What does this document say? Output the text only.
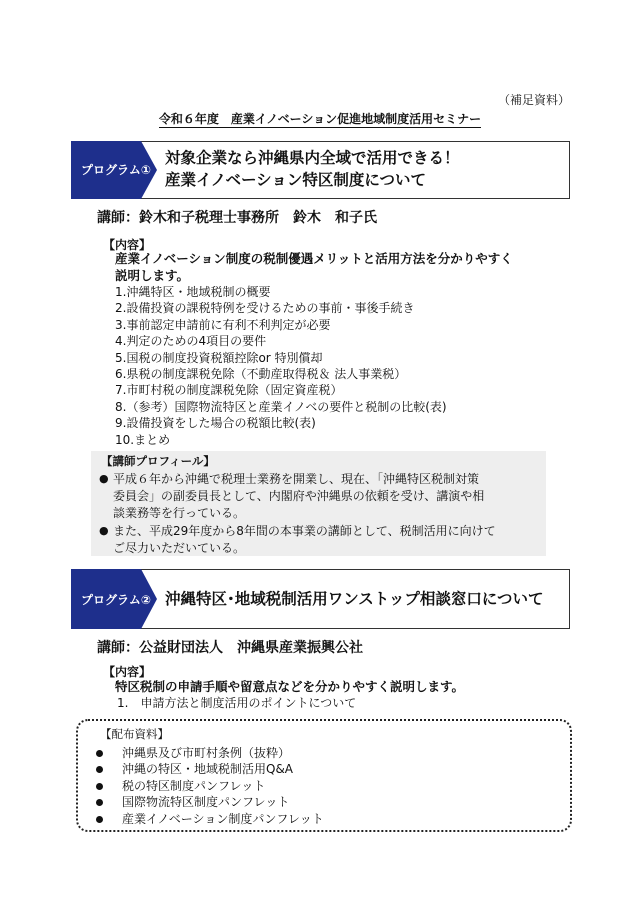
（補足資料）
令和６年度　産業イノベーション促進地域制度活用セミナー
プログラム①
対象企業なら沖縄県内全域で活用できる！
産業イノベーション特区制度について
講師：鈴木和子税理士事務所　鈴木　和子氏
【内容】
産業イノベーション制度の税制優遇メリットと活用方法を分かりやすく
説明します。
1.沖縄特区・地域税制の概要
2.設備投資の課税特例を受けるための事前・事後手続き
3.事前認定申請前に有利不利判定が必要
4.判定のための4項目の要件
5.国税の制度投資税額控除or 特別償却
6.県税の制度課税免除（不動産取得税＆ 法人事業税）
7.市町村税の制度課税免除（固定資産税）
8.（参考）国際物流特区と産業イノベの要件と税制の比較(表)
9.設備投資をした場合の税額比較(表)
10.まとめ
【講師プロフィール】
● 平成６年から沖縄で税理士業務を開業し、現在、「沖縄特区税制対策
委員会」の副委員長として、内閣府や沖縄県の依頼を受け、講演や相
談業務等を行っている。
● また、平成29年度から8年間の本事業の講師として、税制活用に向けて
ご尽力いただいている。
プログラム② 沖縄特区･地域税制活用ワンストップ相談窓口について
講師：公益財団法人　沖縄県産業振興公社
【内容】
特区税制の申請手順や留意点などを分かりやすく説明します。
1.　申請方法と制度活用のポイントについて
【配布資料】
沖縄県及び市町村条例（抜粋）
沖縄の特区・地域税制活用Q&A
税の特区制度パンフレット
国際物流特区制度パンフレット
産業イノベーション制度パンフレット
